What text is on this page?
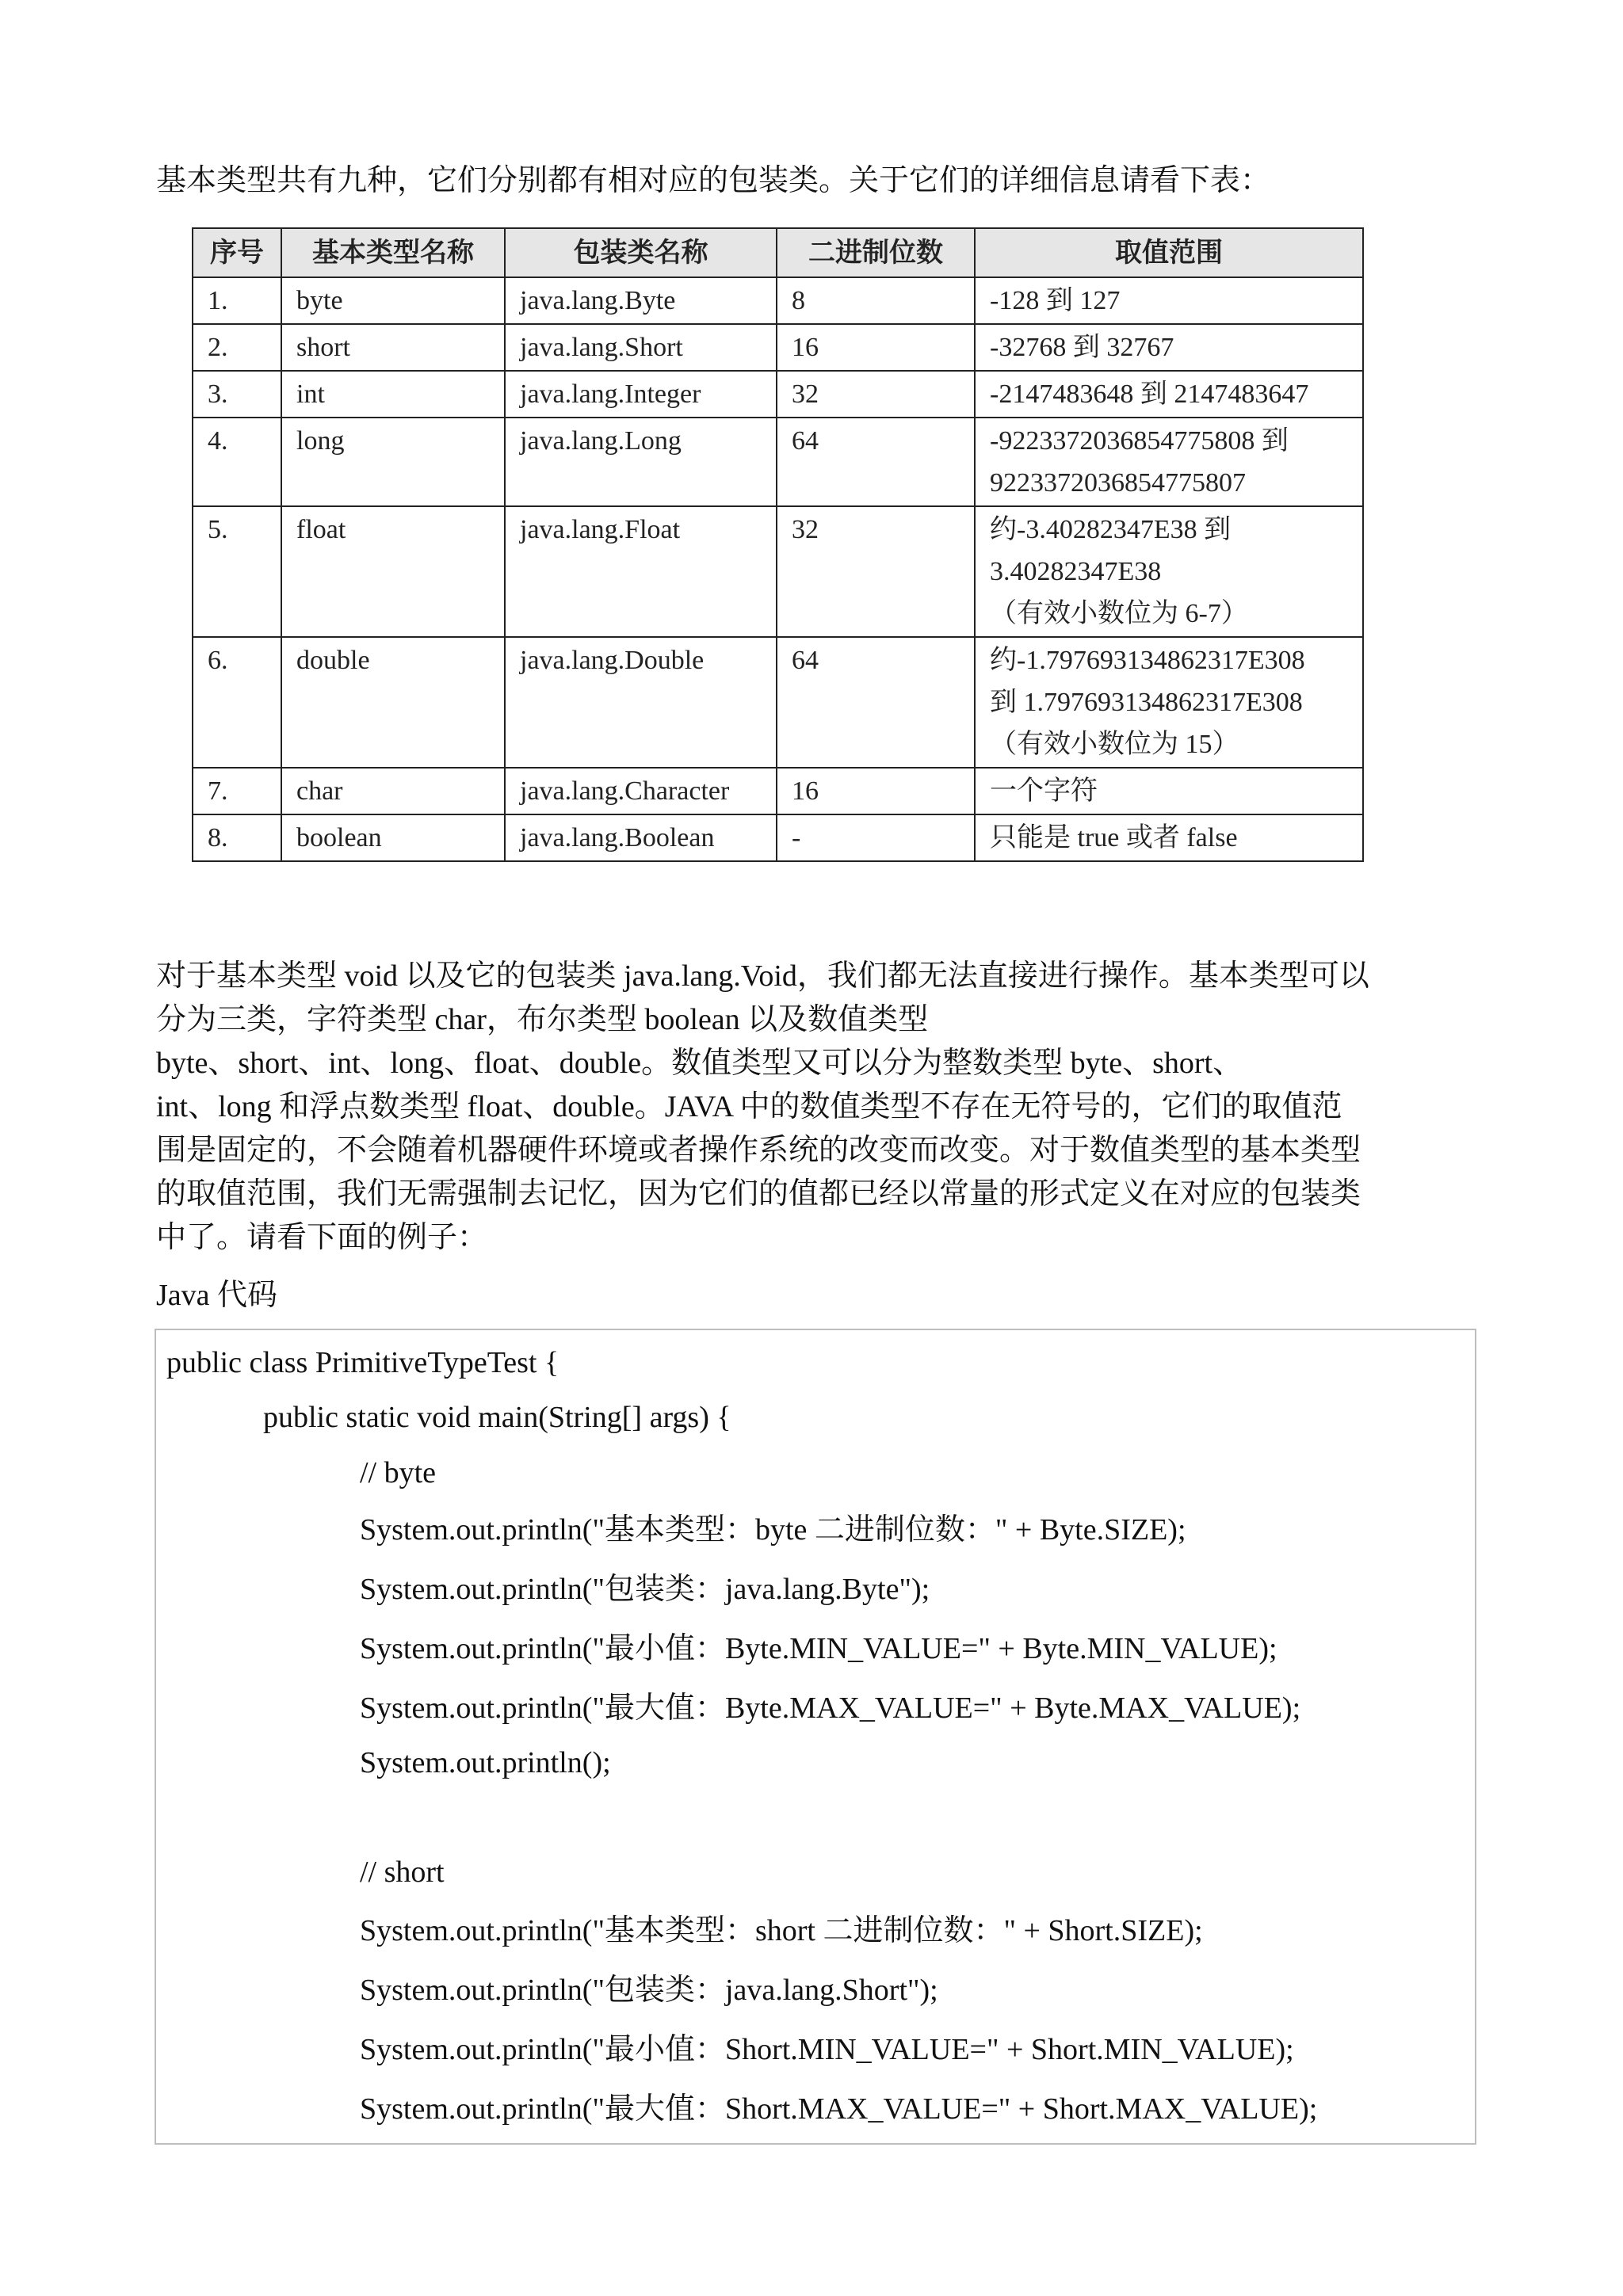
基本类型共有九种，它们分别都有相对应的包装类。关于它们的详细信息请看下表：
序号	基本类型名称	包装类名称	二进制位数	取值范围
1.	byte	java.lang.Byte	8	-128 到 127

2.	short	java.lang.Short	16	-32768 到 32767

3.	int	java.lang.Integer	32	-2147483648 到 2147483647

4.	long	java.lang.Long	64	-9223372036854775808 到
9223372036854775807

5.	float	java.lang.Float	32	约-3.40282347E38 到
3.40282347E38
（有效小数位为 6-7）

6.	double	java.lang.Double	64	约-1.797693134862317E308
到 1.797693134862317E308
（有效小数位为 15）

7.	char	java.lang.Character	16	一个字符

8.	boolean	java.lang.Boolean	-	只能是 true 或者 false

对于基本类型 void 以及它的包装类 java.lang.Void，我们都无法直接进行操作。基本类型可以

分为三类，字符类型 char，布尔类型 boolean 以及数值类型

byte、short、int、long、float、double。数值类型又可以分为整数类型 byte、short、

int、long 和浮点数类型 float、double。JAVA 中的数值类型不存在无符号的，它们的取值范

围是固定的，不会随着机器硬件环境或者操作系统的改变而改变。对于数值类型的基本类型

的取值范围，我们无需强制去记忆，因为它们的值都已经以常量的形式定义在对应的包装类

中了。请看下面的例子：

Java 代码
public class PrimitiveTypeTest {
public static void main(String[] args) {
// byte
System.out.println("基本类型：byte 二进制位数：" + Byte.SIZE);
System.out.println("包装类：java.lang.Byte");
System.out.println("最小值：Byte.MIN_VALUE=" + Byte.MIN_VALUE);
System.out.println("最大值：Byte.MAX_VALUE=" + Byte.MAX_VALUE);
System.out.println();
// short
System.out.println("基本类型：short 二进制位数：" + Short.SIZE);
System.out.println("包装类：java.lang.Short");
System.out.println("最小值：Short.MIN_VALUE=" + Short.MIN_VALUE);
System.out.println("最大值：Short.MAX_VALUE=" + Short.MAX_VALUE);
